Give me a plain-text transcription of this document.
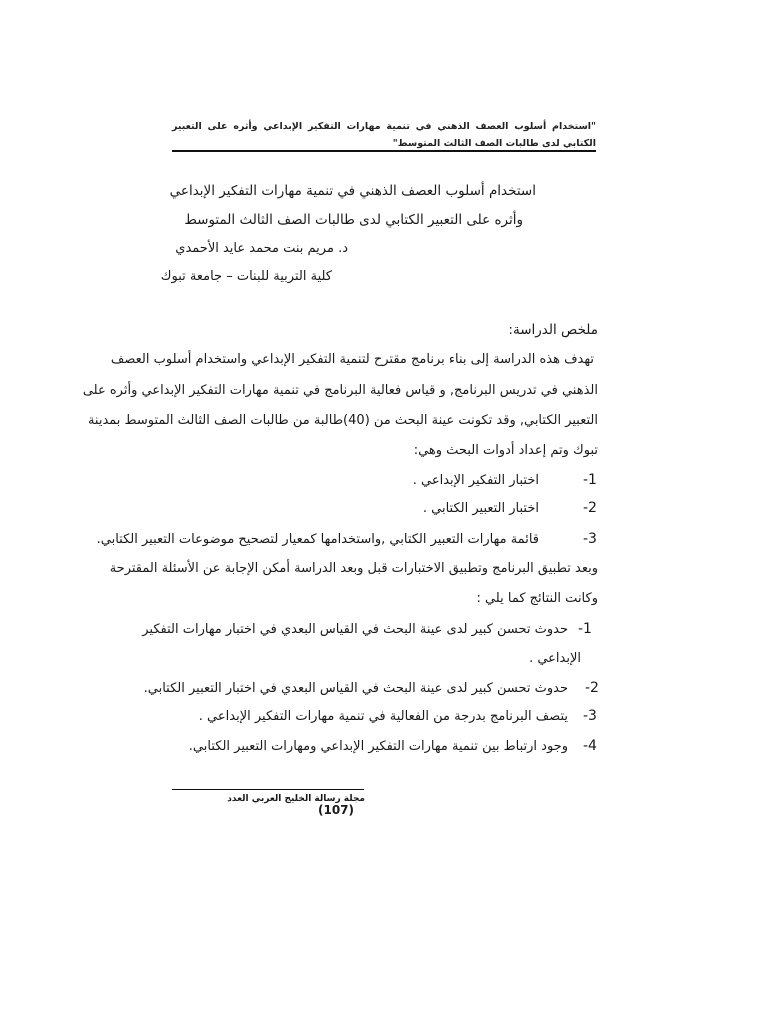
"استخدام أسلوب العصف الذهني في تنمية مهارات التفكير الإبداعي وأثره على التعبير الكتابي لدى طالبات الصف الثالث المتوسط"
استخدام أسلوب العصف الذهني في تنمية مهارات التفكير الإبداعي
وأثره على التعبير الكتابي لدى طالبات الصف الثالث المتوسط
د. مريم بنت محمد عايد الأحمدي
كلية التربية للبنات – جامعة تبوك
ملخص الدراسة:
تهدف هذه الدراسة إلى بناء برنامج مقترح لتنمية التفكير الإبداعي واستخدام أسلوب العصف
الذهني في تدريس البرنامج, و قياس فعالية البرنامج في تنمية مهارات التفكير الإبداعي وأثره على
التعبير الكتابي, وقد تكونت عينة البحث من (40)طالبة من طالبات الصف الثالث المتوسط بمدينة
تبوك وتم إعداد أدوات البحث وهي:
-1
اختبار التفكير الإبداعي .
-2
اختبار التعبير الكتابي .
-3
قائمة مهارات التعبير الكتابي ,واستخدامها كمعيار لتصحيح موضوعات التعبير الكتابي.
وبعد تطبيق البرنامج وتطبيق الاختبارات قبل وبعد الدراسة أمكن الإجابة عن الأسئلة المقترحة
وكانت النتائج كما يلي :
-1
حدوث تحسن كبير لدى عينة البحث في القياس البعدي في اختبار مهارات التفكير
الإبداعي .
-2
حدوث تحسن كبير لدى عينة البحث في القياس البعدي في اختبار التعبير الكتابي.
-3
يتصف البرنامج بدرجة من الفعالية في تنمية مهارات التفكير الإبداعي .
-4
وجود ارتباط بين تنمية مهارات التفكير الإبداعي ومهارات التعبير الكتابي.
مجلة رسالة الخليج العربي العدد
(107)
